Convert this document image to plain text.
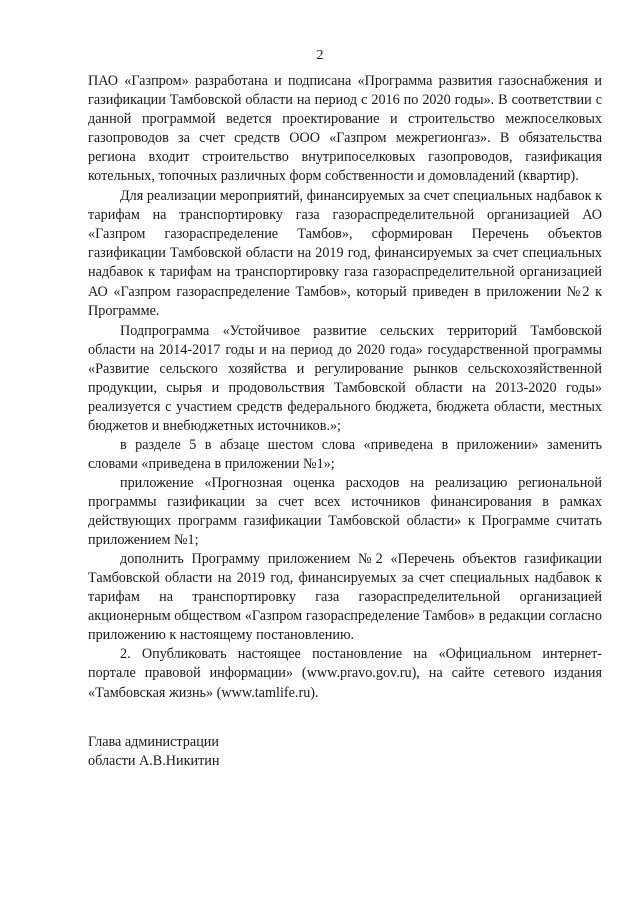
2

ПАО «Газпром» разработана и подписана «Программа развития газоснабжения и газификации Тамбовской области на период с 2016 по 2020 годы». В соответствии с данной программой ведется проектирование и строительство межпоселковых газопроводов за счет средств ООО «Газпром межрегионгаз». В обязательства региона входит строительство внутрипоселковых газопроводов, газификация котельных, топочных различных форм собственности и домовладений (квартир).

Для реализации мероприятий, финансируемых за счет специальных надбавок к тарифам на транспортировку газа газораспределительной организацией АО «Газпром газораспределение Тамбов», сформирован Перечень объектов газификации Тамбовской области на 2019 год, финансируемых за счет специальных надбавок к тарифам на транспортировку газа газораспределительной организацией АО «Газпром газораспределение Тамбов», который приведен в приложении №2 к Программе.

Подпрограмма «Устойчивое развитие сельских территорий Тамбовской области на 2014-2017 годы и на период до 2020 года» государственной программы «Развитие сельского хозяйства и регулирование рынков сельскохозяйственной продукции, сырья и продовольствия Тамбовской области на 2013-2020 годы» реализуется с участием средств федерального бюджета, бюджета области, местных бюджетов и внебюджетных источников.»;

в разделе 5 в абзаце шестом слова «приведена в приложении» заменить словами «приведена в приложении №1»;

приложение «Прогнозная оценка расходов на реализацию региональной программы газификации за счет всех источников финансирования в рамках действующих программ газификации Тамбовской области» к Программе считать приложением №1;

дополнить Программу приложением №2 «Перечень объектов газификации Тамбовской области на 2019 год, финансируемых за счет специальных надбавок к тарифам на транспортировку газа газораспределительной организацией акционерным обществом «Газпром газораспределение Тамбов» в редакции согласно приложению к настоящему постановлению.

2. Опубликовать настоящее постановление на «Официальном интернет-портале правовой информации» (www.pravo.gov.ru), на сайте сетевого издания «Тамбовская жизнь» (www.tamlife.ru).

Глава администрации
области А.В.Никитин
